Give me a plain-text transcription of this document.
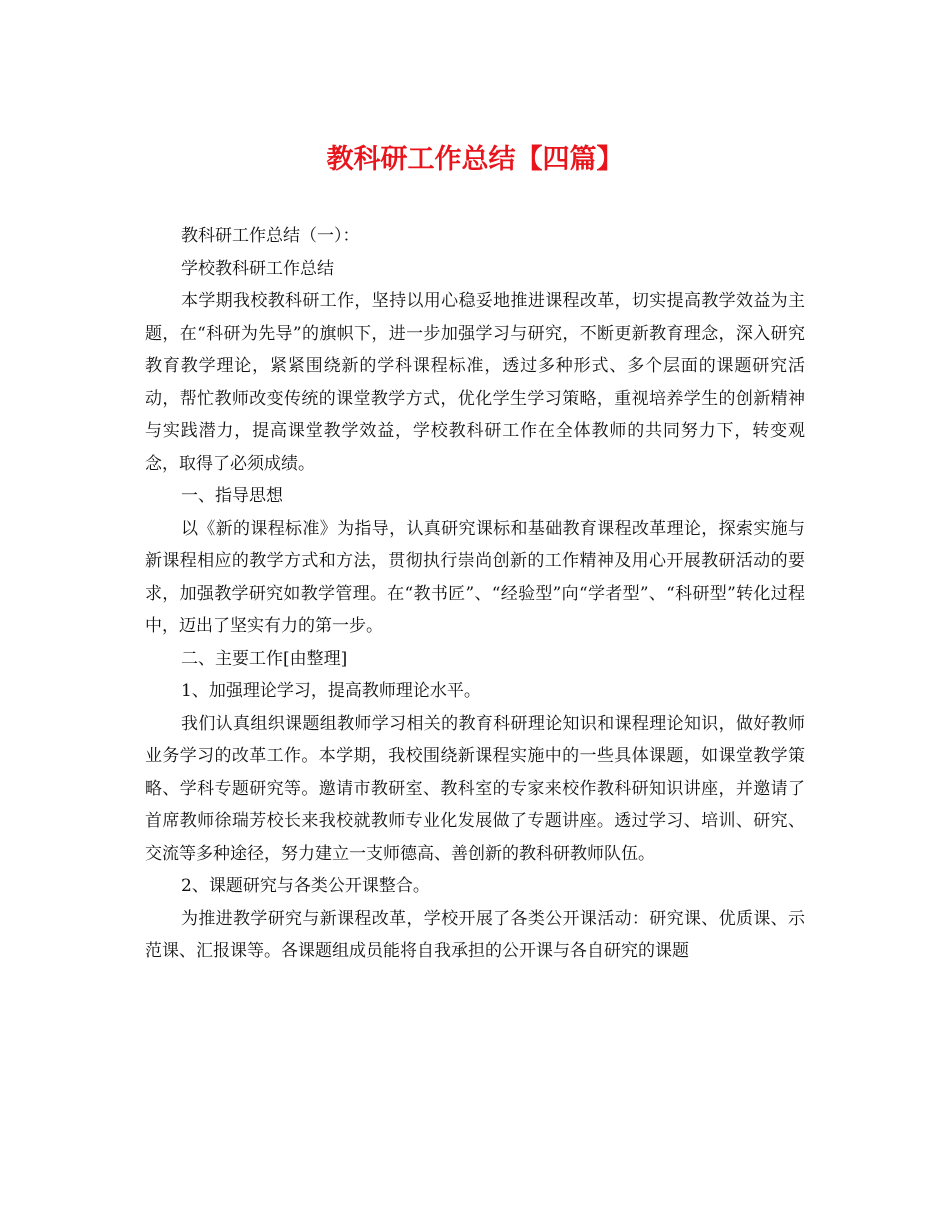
教科研工作总结【四篇】

教科研工作总结（一）：

学校教科研工作总结

本学期我校教科研工作，坚持以用心稳妥地推进课程改革，切实提高教学效益为主题，在“科研为先导”的旗帜下，进一步加强学习与研究，不断更新教育理念，深入研究教育教学理论，紧紧围绕新的学科课程标准，透过多种形式、多个层面的课题研究活动，帮忙教师改变传统的课堂教学方式，优化学生学习策略，重视培养学生的创新精神与实践潜力，提高课堂教学效益，学校教科研工作在全体教师的共同努力下，转变观念，取得了必须成绩。

一、指导思想

以《新的课程标准》为指导，认真研究课标和基础教育课程改革理论，探索实施与新课程相应的教学方式和方法，贯彻执行崇尚创新的工作精神及用心开展教研活动的要求，加强教学研究如教学管理。在“教书匠”、“经验型”向“学者型”、“科研型”转化过程中，迈出了坚实有力的第一步。

二、主要工作[由整理]

1、加强理论学习，提高教师理论水平。

我们认真组织课题组教师学习相关的教育科研理论知识和课程理论知识，做好教师业务学习的改革工作。本学期，我校围绕新课程实施中的一些具体课题，如课堂教学策略、学科专题研究等。邀请市教研室、教科室的专家来校作教科研知识讲座，并邀请了首席教师徐瑞芳校长来我校就教师专业化发展做了专题讲座。透过学习、培训、研究、交流等多种途径，努力建立一支师德高、善创新的教科研教师队伍。

2、课题研究与各类公开课整合。

为推进教学研究与新课程改革，学校开展了各类公开课活动：研究课、优质课、示范课、汇报课等。各课题组成员能将自我承担的公开课与各自研究的课题
